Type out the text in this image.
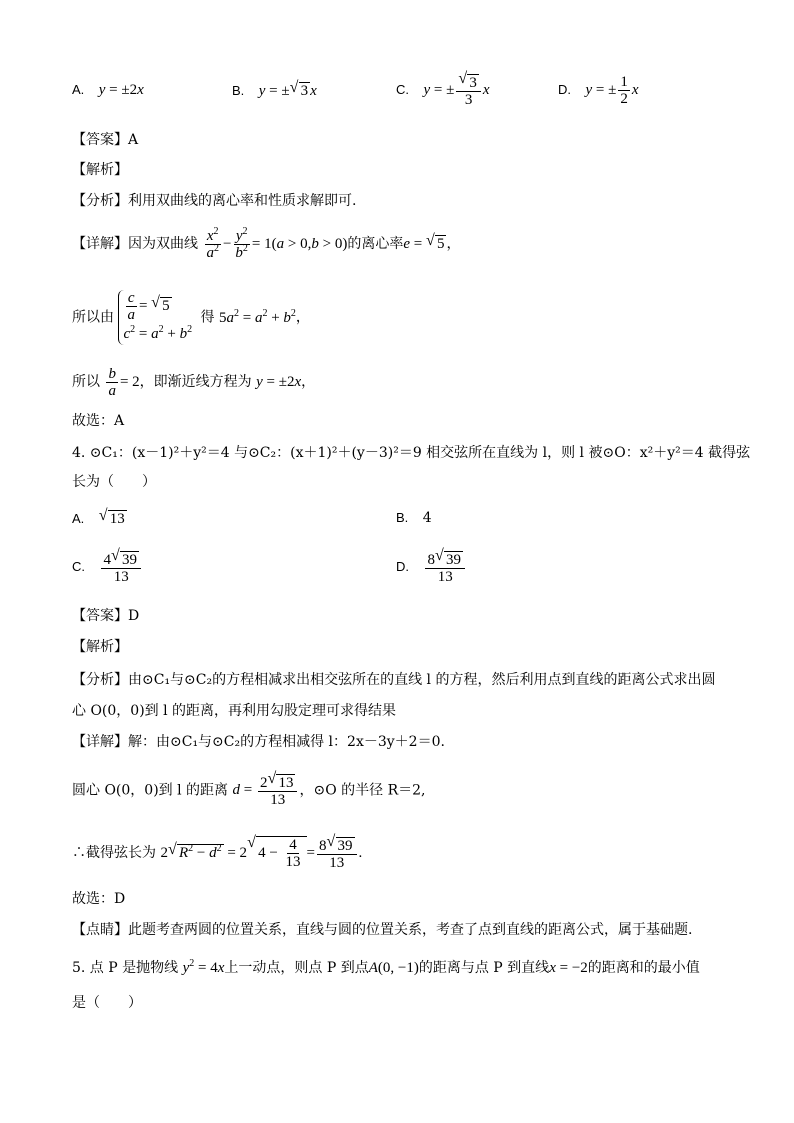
A. y = ±2x	B. y = ± √ 3 x	C. y = ± $\frac{√ 3}{3}$ x	D. y = ± $\frac{1}{2}$ x
【答案】A
【解析】
【分析】利用双曲线的离心率和性质求解即可.
【详解】因为双曲线 $\frac{x^2}{a^2} - \frac{y^2}{b^2} = 1(a > 0,b > 0)$的离心率e = √ 5 ，
所以由 $\frac{c}{a}$ = √ 5
$c^2 = a^2 + b^2$
得 $5a^2 = a^2 + b^2$，
所以 $\frac{b}{a} = 2$，即渐近线方程为 y = ±2x，
故选：A
4. ⊙C₁：(x－1)²＋y²＝4 与⊙C₂：(x＋1)²＋(y－3)²＝9 相交弦所在直线为 l，则 l 被⊙O：x²＋y²＝4 截得弦
长为（　　）
A. √ 13	B. 4
C. $\frac{4 √ 39}{13}$	D. $\frac{8 √ 39}{13}$
【答案】D
【解析】
【分析】由⊙C₁与⊙C₂的方程相减求出相交弦所在的直线 l 的方程，然后利用点到直线的距离公式求出圆
心 O(0，0)到 l 的距离，再利用勾股定理可求得结果
【详解】解：由⊙C₁与⊙C₂的方程相减得 l：2x－3y＋2＝0.
圆心 O(0，0)到 l 的距离 $d = \frac{2 √ 13}{13}$ ，⊙O 的半径 R＝2,
∴截得弦长为 2 √ $R^2 - d^2 = 2$
√
$4 - \frac{4}{13} = \frac{8 √ 39}{13}$ .
故选：D
【点睛】此题考查两圆的位置关系，直线与圆的位置关系，考查了点到直线的距离公式，属于基础题.
5. 点 P 是抛物线 $y^2 = 4x$上一动点，则点 P 到点A(0, −1)的距离与点 P 到直线x = −2的距离和的最小值
是（　　）
